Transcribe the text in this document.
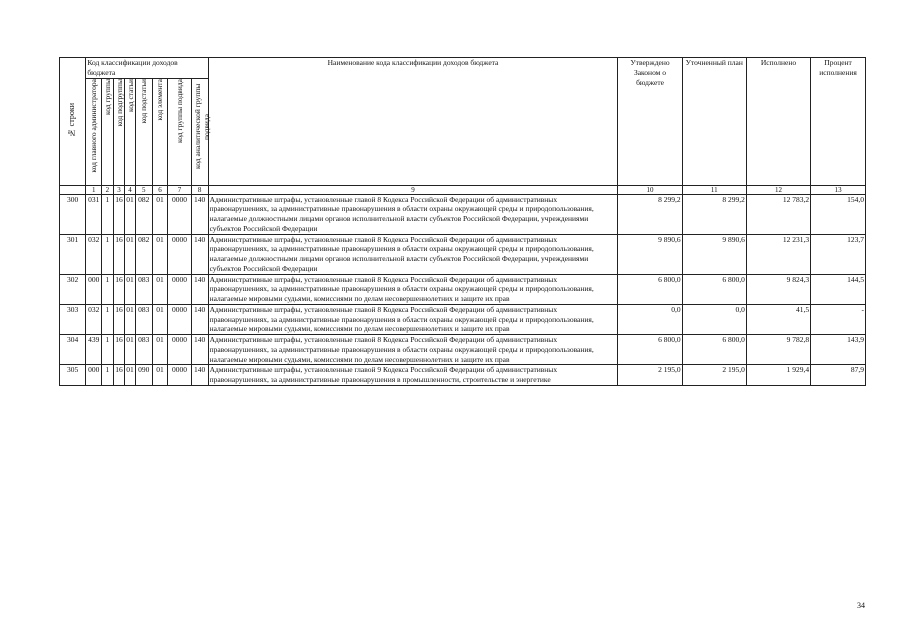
№ строки	Код классификации доходов бюджета								Наименование кода классификации доходов бюджета	Утверждено Законом о бюджете	Уточненный план	Исполнено	Процент исполнения
	код главного администратора	код группы	код подгруппы	код статьи	код подстатьи	код элемента	код группы подвида	код аналитической группы подвида					
	1	2	3	4	5	6	7	8	9	10	11	12	13
300	031	1	16	01	082	01	0000	140	Административные штрафы, установленные главой 8 Кодекса Российской Федерации об административных правонарушениях, за административные правонарушения в области охраны окружающей среды и природопользования, налагаемые должностными лицами органов исполнительной власти субъектов Российской Федерации, учреждениями субъектов Российской Федерации	8 299,2	8 299,2	12 783,2	154,0
301	032	1	16	01	082	01	0000	140	Административные штрафы, установленные главой 8 Кодекса Российской Федерации об административных правонарушениях, за административные правонарушения в области охраны окружающей среды и природопользования, налагаемые должностными лицами органов исполнительной власти субъектов Российской Федерации, учреждениями субъектов Российской Федерации	9 890,6	9 890,6	12 231,3	123,7
302	000	1	16	01	083	01	0000	140	Административные штрафы, установленные главой 8 Кодекса Российской Федерации об административных правонарушениях, за административные правонарушения в области охраны окружающей среды и природопользования, налагаемые мировыми судьями, комиссиями по делам несовершеннолетних и защите их прав	6 800,0	6 800,0	9 824,3	144,5
303	032	1	16	01	083	01	0000	140	Административные штрафы, установленные главой 8 Кодекса Российской Федерации об административных правонарушениях, за административные правонарушения в области охраны окружающей среды и природопользования, налагаемые мировыми судьями, комиссиями по делам несовершеннолетних и защите их прав	0,0	0,0	41,5	-
304	439	1	16	01	083	01	0000	140	Административные штрафы, установленные главой 8 Кодекса Российской Федерации об административных правонарушениях, за административные правонарушения в области охраны окружающей среды и природопользования, налагаемые мировыми судьями, комиссиями по делам несовершеннолетних и защите их прав	6 800,0	6 800,0	9 782,8	143,9
305	000	1	16	01	090	01	0000	140	Административные штрафы, установленные главой 9 Кодекса Российской Федерации об административных правонарушениях, за административные правонарушения в промышленности, строительстве и энергетике	2 195,0	2 195,0	1 929,4	87,9
34
